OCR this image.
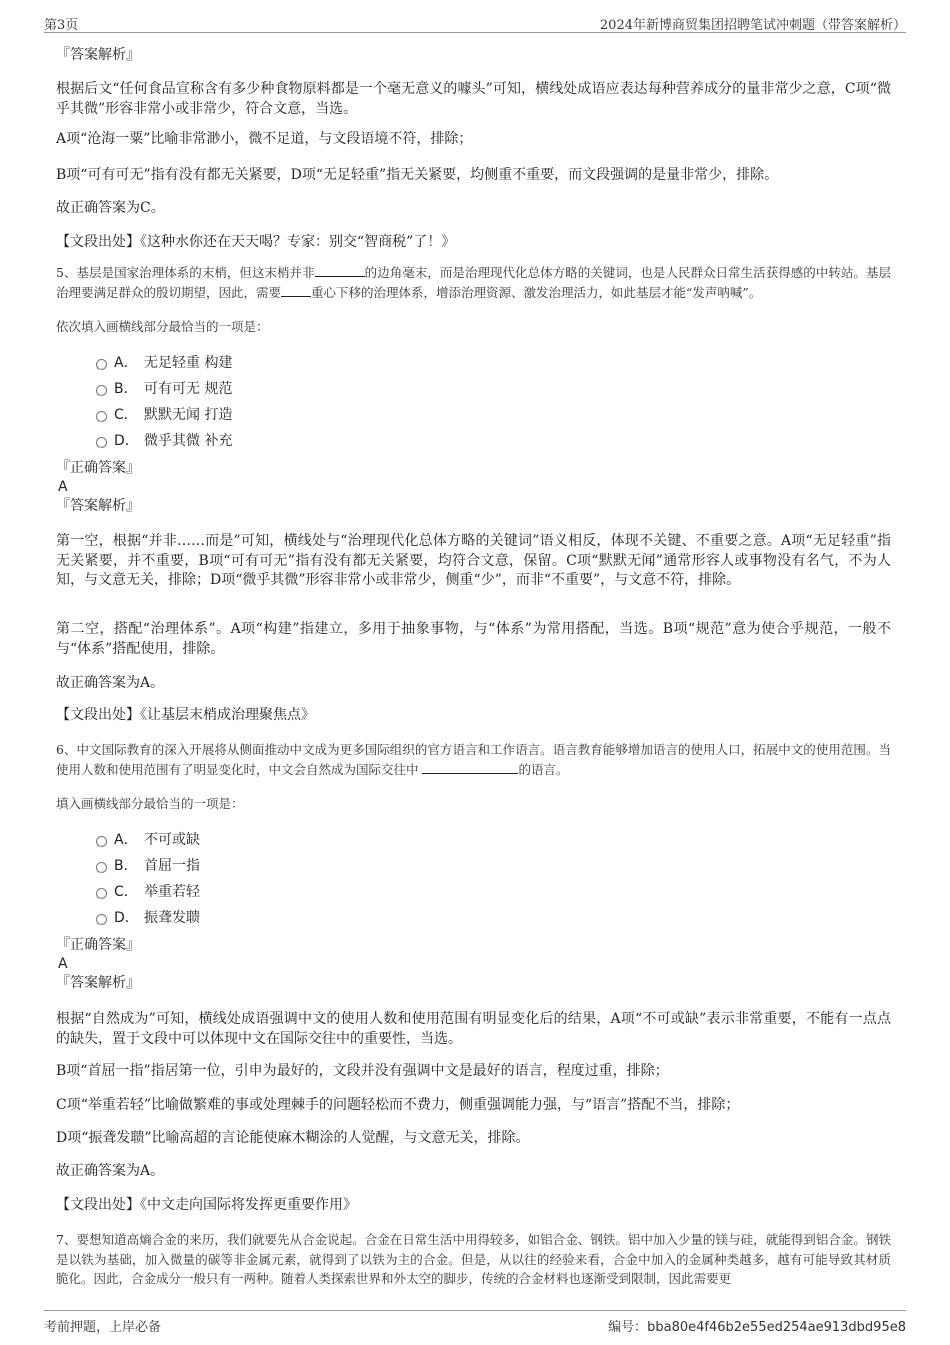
第3页	2024年新博商贸集团招聘笔试冲刺题（带答案解析）
『答案解析』

根据后文“任何食品宣称含有多少种食物原料都是一个毫无意义的噱头”可知，横线处成语应表达每种营养成分的量非常少之意，C项“微乎其微”形容非常小或非常少，符合文意，当选。

A项“沧海一粟”比喻非常渺小，微不足道，与文段语境不符，排除；

B项“可有可无”指有没有都无关紧要，D项“无足轻重”指无关紧要，均侧重不重要，而文段强调的是量非常少，排除。

故正确答案为C。

【文段出处】《这种水你还在天天喝？专家：别交“智商税”了！》

5、基层是国家治理体系的末梢，但这末梢并非	的边角毫末，而是治理现代化总体方略的关键词，也是人民群众日常生活获得感的中转站。基层治理要满足群众的殷切期望，因此，需要 重心下移的治理体系，增添治理资源、激发治理活力，如此基层才能“发声呐喊”。

依次填入画横线部分最恰当的一项是：

A． 无足轻重 构建
B． 可有可无 规范
C． 默默无闻 打造
D． 微乎其微 补充
『正确答案』
A
『答案解析』

第一空，根据“并非……而是”可知，横线处与“治理现代化总体方略的关键词”语义相反，体现不关键、不重要之意。A项“无足轻重”指无关紧要，并不重要，B项“可有可无”指有没有都无关紧要，均符合文意，保留。C项“默默无闻”通常形容人或事物没有名气，不为人知，与文意无关，排除；D项“微乎其微”形容非常小或非常少，侧重“少”，而非“不重要”，与文意不符，排除。

第二空，搭配“治理体系”。A项“构建”指建立，多用于抽象事物，与“体系”为常用搭配，当选。B项“规范”意为使合乎规范，一般不与“体系”搭配使用，排除。

故正确答案为A。

【文段出处】《让基层末梢成治理聚焦点》

6、中文国际教育的深入开展将从侧面推动中文成为更多国际组织的官方语言和工作语言。语言教育能够增加语言的使用人口，拓展中文的使用范围。当使用人数和使用范围有了明显变化时，中文会自然成为国际交往中	的语言。

填入画横线部分最恰当的一项是：

A． 不可或缺
B． 首屈一指
C． 举重若轻
D． 振聋发聩
『正确答案』
A
『答案解析』

根据“自然成为”可知，横线处成语强调中文的使用人数和使用范围有明显变化后的结果，A项“不可或缺”表示非常重要，不能有一点点的缺失，置于文段中可以体现中文在国际交往中的重要性，当选。

B项“首屈一指”指居第一位，引申为最好的，文段并没有强调中文是最好的语言，程度过重，排除；

C项“举重若轻”比喻做繁难的事或处理棘手的问题轻松而不费力，侧重强调能力强，与“语言”搭配不当，排除；

D项“振聋发聩”比喻高超的言论能使麻木糊涂的人觉醒，与文意无关，排除。

故正确答案为A。

【文段出处】《中文走向国际将发挥更重要作用》

7、要想知道高熵合金的来历，我们就要先从合金说起。合金在日常生活中用得较多，如铝合金、钢铁。铝中加入少量的镁与硅，就能得到铝合金。钢铁是以铁为基础，加入微量的碳等非金属元素，就得到了以铁为主的合金。但是，从以往的经验来看，合金中加入的金属种类越多，越有可能导致其材质脆化。因此，合金成分一般只有一两种。随着人类探索世界和外太空的脚步，传统的合金材料也逐渐受到限制，因此需要更

考前押题，上岸必备	编号：bba80e4f46b2e55ed254ae913dbd95e8
